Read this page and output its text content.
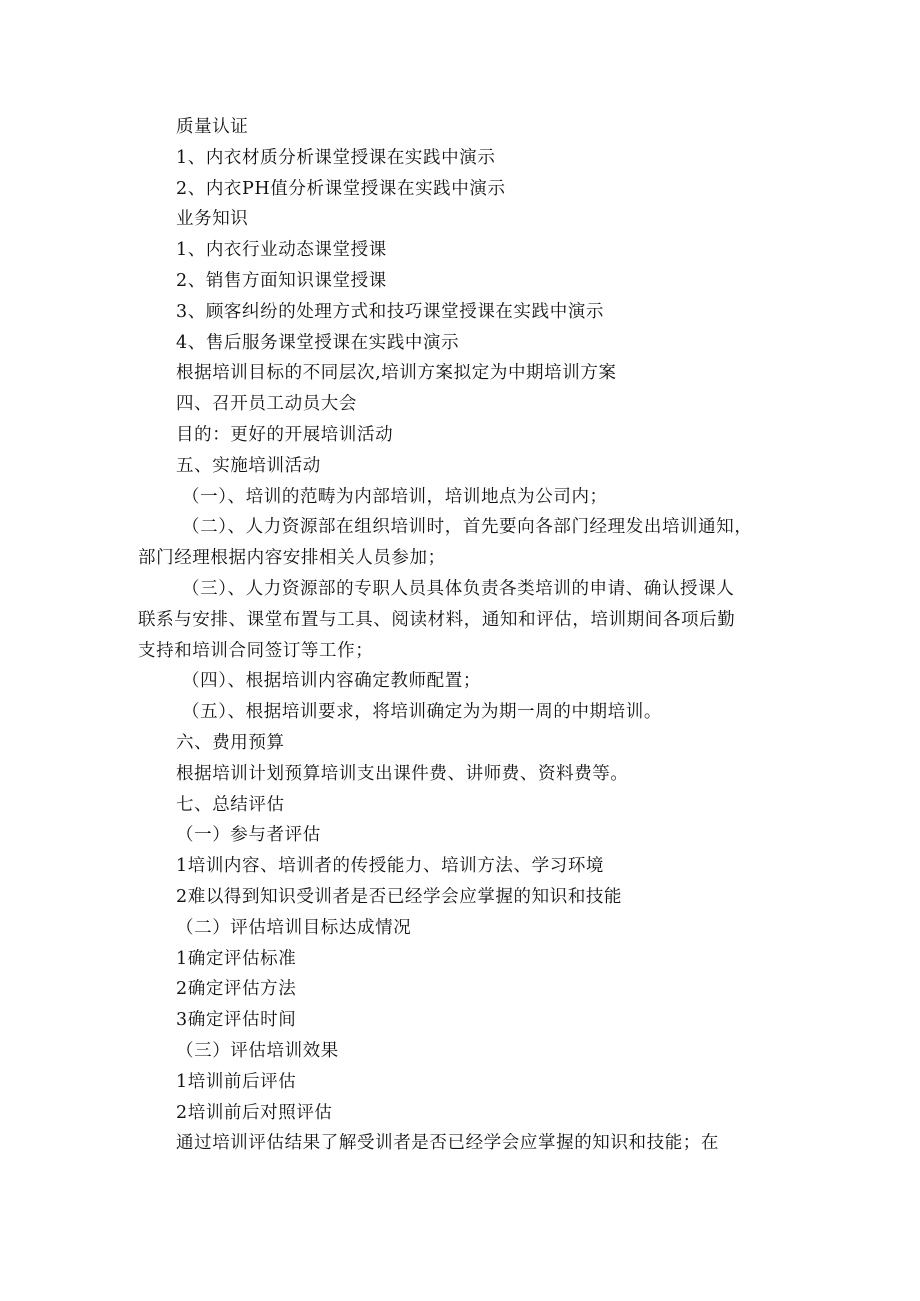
质量认证
1、内衣材质分析课堂授课在实践中演示
2、内衣PH值分析课堂授课在实践中演示
业务知识
1、内衣行业动态课堂授课
2、销售方面知识课堂授课
3、顾客纠纷的处理方式和技巧课堂授课在实践中演示
4、售后服务课堂授课在实践中演示
根据培训目标的不同层次,培训方案拟定为中期培训方案
四、召开员工动员大会
目的：更好的开展培训活动
五、实施培训活动
（一）、培训的范畴为内部培训，培训地点为公司内；
（二）、人力资源部在组织培训时，首先要向各部门经理发出培训通知，
部门经理根据内容安排相关人员参加；
（三）、人力资源部的专职人员具体负责各类培训的申请、确认授课人
联系与安排、课堂布置与工具、阅读材料，通知和评估，培训期间各项后勤
支持和培训合同签订等工作；
（四）、根据培训内容确定教师配置；
（五）、根据培训要求，将培训确定为为期一周的中期培训。
六、费用预算
根据培训计划预算培训支出课件费、讲师费、资料费等。
七、总结评估
（一）参与者评估
1培训内容、培训者的传授能力、培训方法、学习环境
2难以得到知识受训者是否已经学会应掌握的知识和技能
（二）评估培训目标达成情况
1确定评估标准
2确定评估方法
3确定评估时间
（三）评估培训效果
1培训前后评估
2培训前后对照评估
通过培训评估结果了解受训者是否已经学会应掌握的知识和技能；在
